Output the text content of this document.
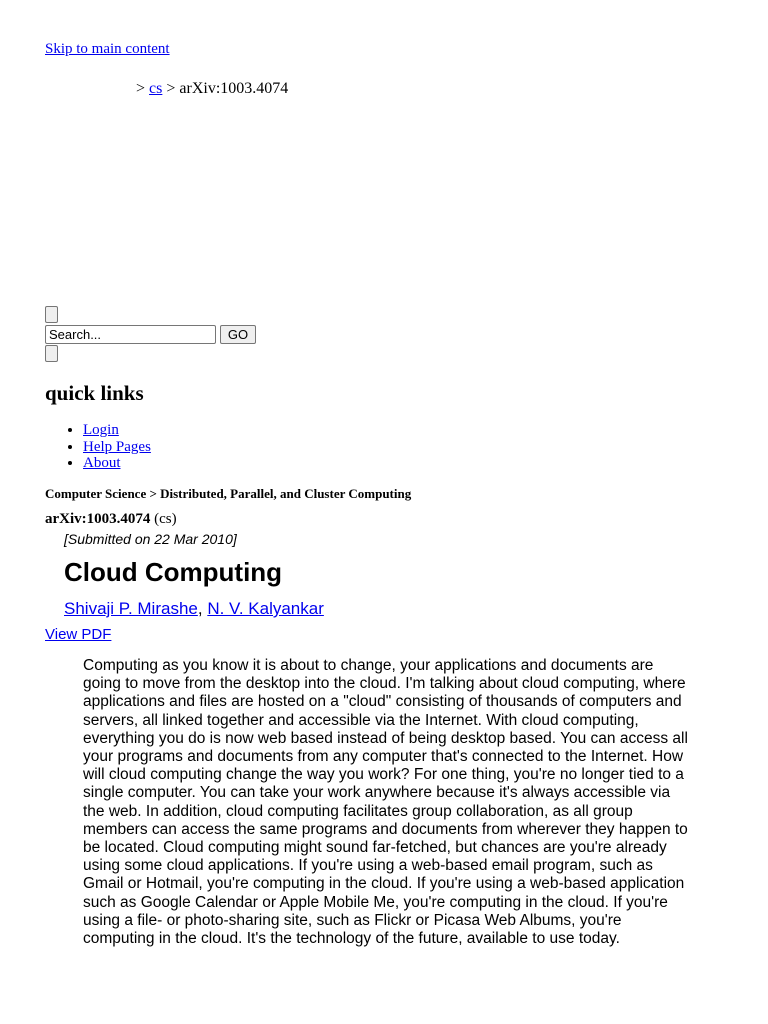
Skip to main content
> cs > arXiv:1003.4074
Search...
GO
quick links
• Login
• Help Pages
• About
Computer Science > Distributed, Parallel, and Cluster Computing
arXiv:1003.4074 (cs)
[Submitted on 22 Mar 2010]
Cloud Computing
Shivaji P. Mirashe, N. V. Kalyankar
View PDF

Computing as you know it is about to change, your applications and documents are going to move from the desktop into the cloud. I'm talking about cloud computing, where applications and files are hosted on a "cloud" consisting of thousands of computers and servers, all linked together and accessible via the Internet. With cloud computing, everything you do is now web based instead of being desktop based. You can access all your programs and documents from any computer that's connected to the Internet. How will cloud computing change the way you work? For one thing, you're no longer tied to a single computer. You can take your work anywhere because it's always accessible via the web. In addition, cloud computing facilitates group collaboration, as all group members can access the same programs and documents from wherever they happen to be located. Cloud computing might sound far-fetched, but chances are you're already using some cloud applications. If you're using a web-based email program, such as Gmail or Hotmail, you're computing in the cloud. If you're using a web-based application such as Google Calendar or Apple Mobile Me, you're computing in the cloud. If you're using a file- or photo-sharing site, such as Flickr or Picasa Web Albums, you're computing in the cloud. It's the technology of the future, available to use today.
